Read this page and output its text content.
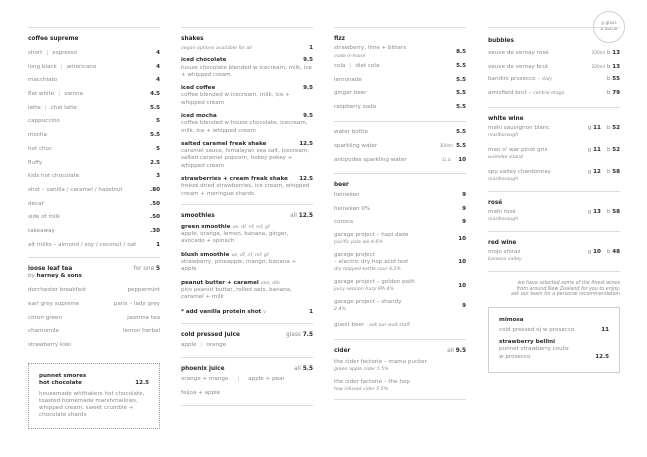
g glass
b bottle
coffee supreme
short | espresso	4
long black | americano	4
macchiato	4
flat white | vienna	4.5
latte | chai latte	5.5
cappuccino	5
mocha	5.5
hot choc	5
fluffy	2.5
kids hot chocolate	3
shot – vanilla / caramel / hazelnut	.80
decaf	.50
side of milk	.50
takeaway	.30
alt milks – almond / soy / coconut / oat	1
loose leaf tea	for one 5
by harney & sons
dorchester breakfast	peppermint
earl grey supreme	paris – lady grey
citron green	jasmine tea
chamomile	lemon herbal
strawberry kiwi
punnet smores
hot chocolate	12.5
housemade whittakers hot chocolate, toasted homemade marshmallows, whipped cream, sweet crumble + chocolate shards
shakes
vegan options available for all	1
iced chocolate	9.5
house chocolate blended w icecream, milk, ice + whipped cream
iced coffee	9.5
coffee blended w icecream, milk, ice + whipped cream
iced mocha	9.5
coffee blended w house chocolate, icecream, milk, ice + whipped cream
salted caramel freak shake	12.5
caramel sauce, himalayan sea salt, icecream, salted caramel popcorn, hokey pokey + whipped cream
strawberries + cream freak shake 12.5
freeze dried strawberries, ice cream, whipped cream + meringue shards
smoothies	all 12.5
green smoothie ve, df, nf, rsf, gf
apple, orange, lemon, banana, ginger, avocado + spinach
blush smoothie ve, df, nf, rsf, gf
strawberry, pineapple, mango, banana + apple
peanut butter + caramel veo, dfo
pics peanut butter, rolled oats, banana, caramel + milk
* add vanilla protein shot v	1
cold pressed juice	glass 7.5
apple / orange
phoenix juice	all 5.5
orange + mango | apple + pear
feijoa + apple
fizz
strawberry, lime + bitters
made in-house
8.5
cola | diet cola	5.5
lemonade	5.5
ginger beer	5.5
raspberry soda	5.5
water bottle	5.5
sparkling water	300ml 5.5
antipodes sparkling water	1L b 10
beer
heineken	9
heineken 0%	9
corona	9
garage project – hapi daze
pacific pale ale 4.6%
10
garage project
– electric dry hop acid test
dry hopped kettle sour 4.2%
10
garage project – golden path
juicy session hazy IPA 4%
10
garage project – shandy
2.4%
9
guest beer - ask our wait staff
cider	all 9.5
the cider factorie – mama pucker
green apple cider 5.5%
the cider factorie – the hop
hop infused cider 5.5%
bubbles
veuve de vernay rosé	200ml b 13
veuve de vernay brut	200ml b 13
bandini prosecco – italy	b 55
amisfield brut – central otago	b 79
white wine
mahi sauvignon blanc
marlborough
g 11 b 52
man o' war pinot gris
waiheke island
g 11 b 52
spy valley chardonnay
marlborough
g 12 b 58
rosé
mahi rosé
marlborough
g 13 b 58
red wine
mojo shiraz
barossa valley
g 10 b 48
we have selected some of the finest wines from around New Zealand for you to enjoy, ask our team for a personal recommendation
mimosa
cold pressed oj w prosecco	11
strawberry bellini
punnet strawberry coulis
w prosecco	12.5
